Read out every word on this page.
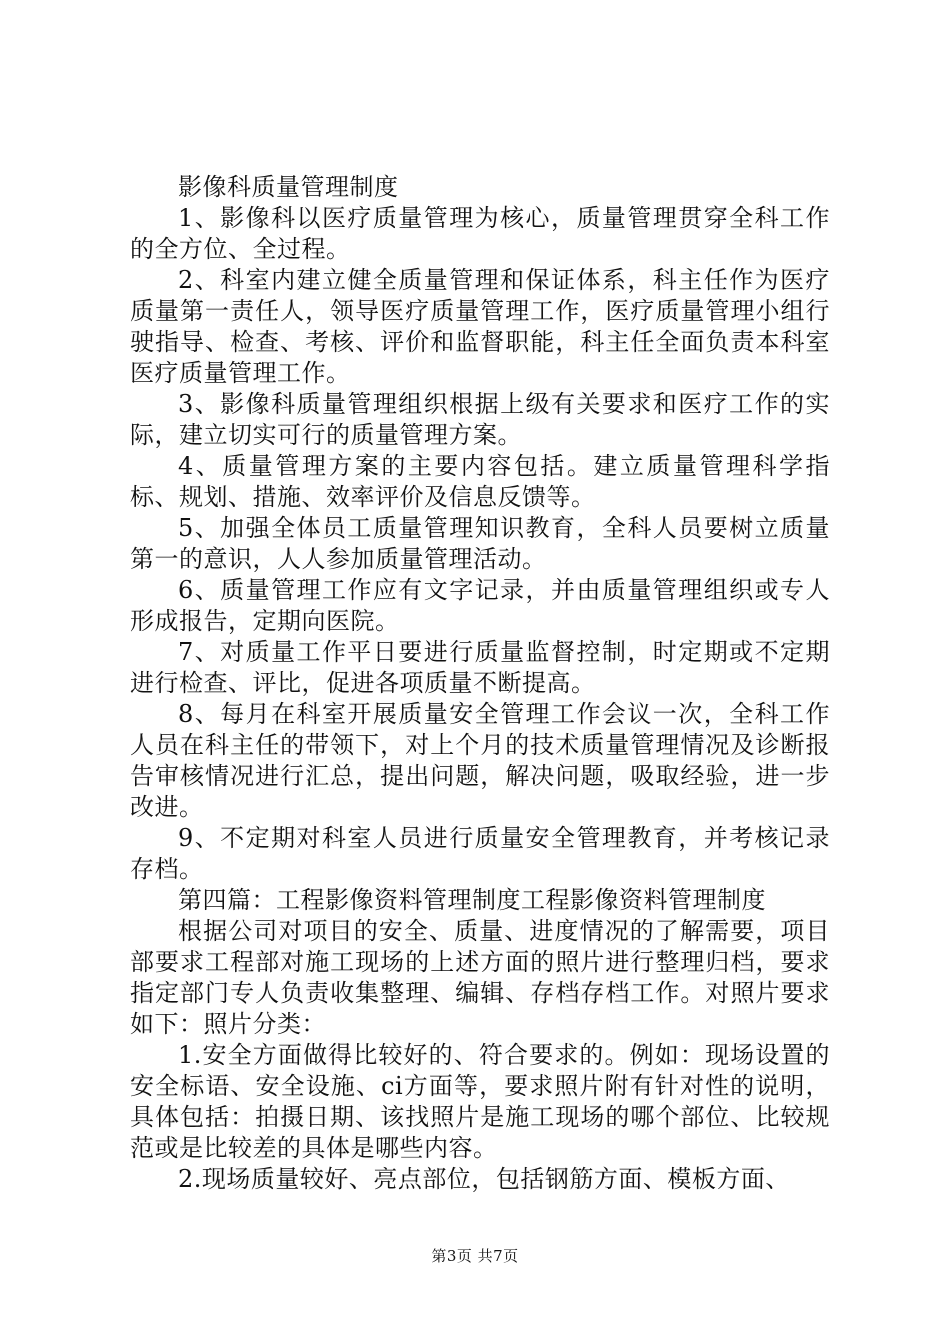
影像科质量管理制度

1、影像科以医疗质量管理为核心，质量管理贯穿全科工作的全方位、全过程。

2、科室内建立健全质量管理和保证体系，科主任作为医疗质量第一责任人，领导医疗质量管理工作，医疗质量管理小组行驶指导、检查、考核、评价和监督职能，科主任全面负责本科室医疗质量管理工作。

3、影像科质量管理组织根据上级有关要求和医疗工作的实际，建立切实可行的质量管理方案。

4、质量管理方案的主要内容包括。建立质量管理科学指标、规划、措施、效率评价及信息反馈等。

5、加强全体员工质量管理知识教育，全科人员要树立质量第一的意识，人人参加质量管理活动。

6、质量管理工作应有文字记录，并由质量管理组织或专人形成报告，定期向医院。

7、对质量工作平日要进行质量监督控制，时定期或不定期进行检查、评比，促进各项质量不断提高。

8、每月在科室开展质量安全管理工作会议一次，全科工作人员在科主任的带领下，对上个月的技术质量管理情况及诊断报告审核情况进行汇总，提出问题，解决问题，吸取经验，进一步改进。

9、不定期对科室人员进行质量安全管理教育，并考核记录存档。

第四篇：工程影像资料管理制度工程影像资料管理制度

根据公司对项目的安全、质量、进度情况的了解需要，项目部要求工程部对施工现场的上述方面的照片进行整理归档，要求指定部门专人负责收集整理、编辑、存档存档工作。对照片要求如下：照片分类：

1.安全方面做得比较好的、符合要求的。例如：现场设置的安全标语、安全设施、ci方面等，要求照片附有针对性的说明，具体包括：拍摄日期、该找照片是施工现场的哪个部位、比较规范或是比较差的具体是哪些内容。

2.现场质量较好、亮点部位，包括钢筋方面、模板方面、

第3页 共7页
